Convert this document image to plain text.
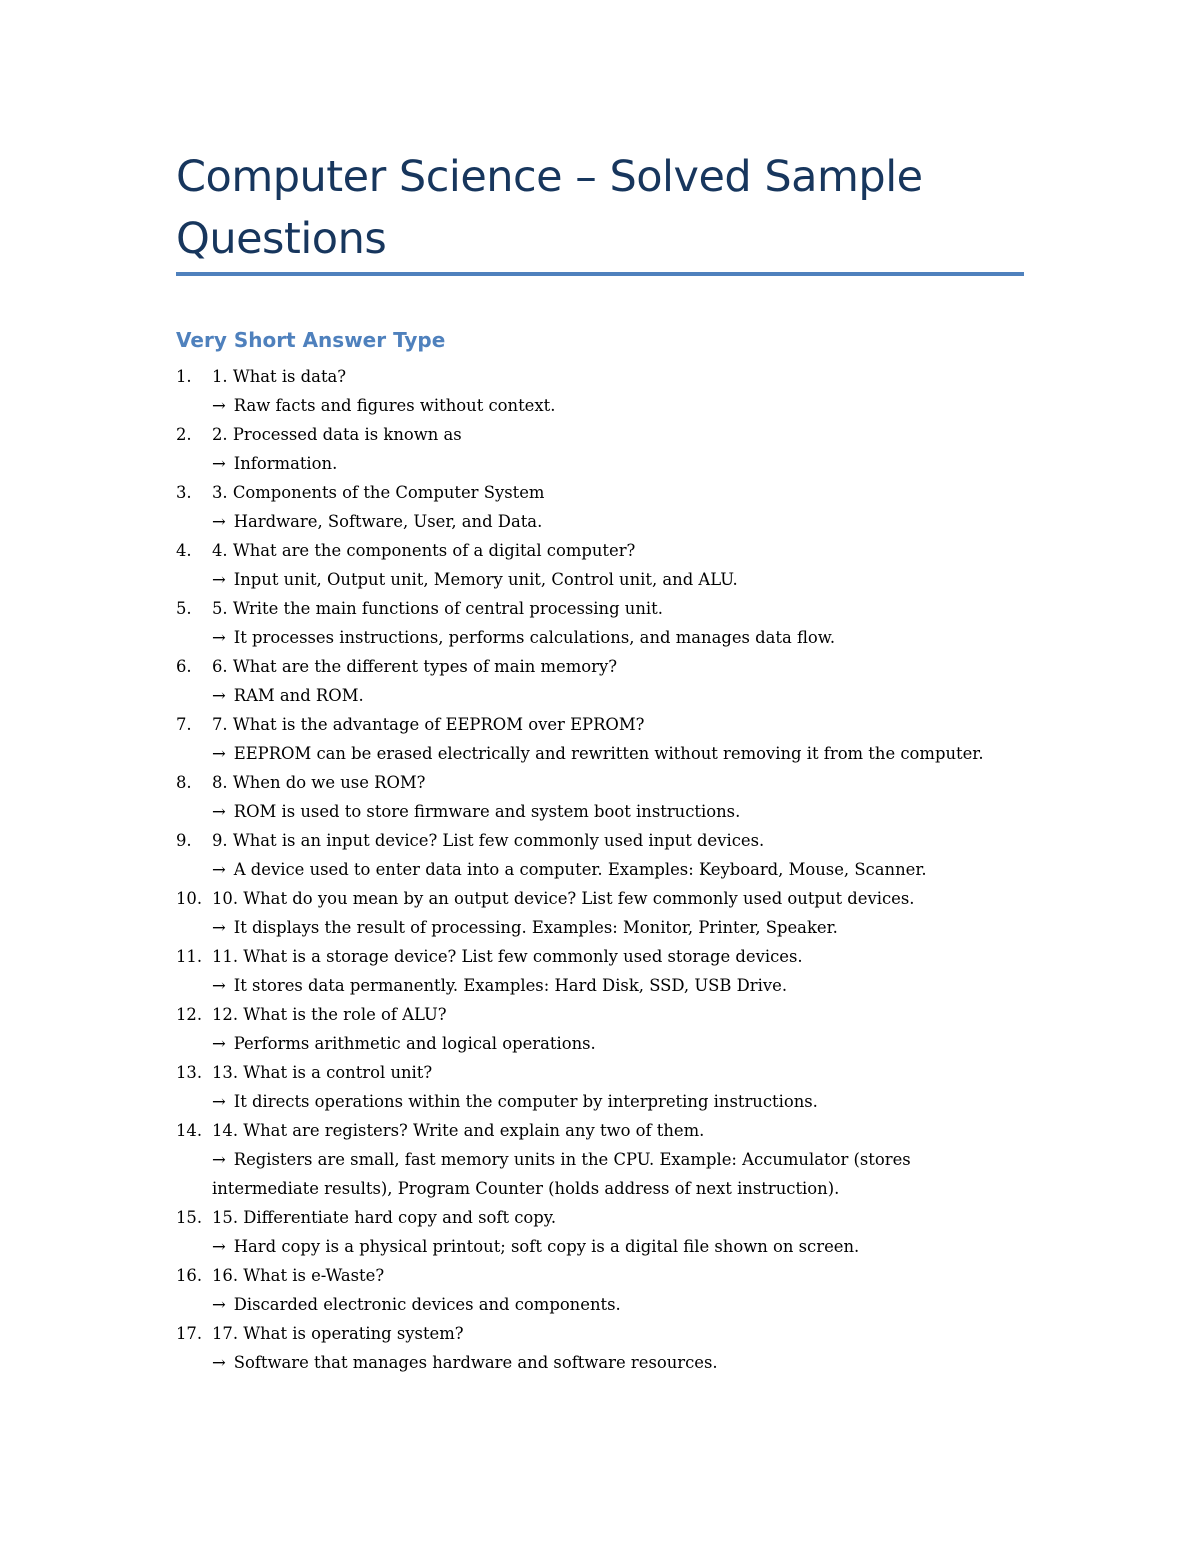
Computer Science – Solved Sample Questions
Very Short Answer Type
1. 1. What is data?
→ Raw facts and figures without context.
2. 2. Processed data is known as
→ Information.
3. 3. Components of the Computer System
→ Hardware, Software, User, and Data.
4. 4. What are the components of a digital computer?
→ Input unit, Output unit, Memory unit, Control unit, and ALU.
5. 5. Write the main functions of central processing unit.
→ It processes instructions, performs calculations, and manages data flow.
6. 6. What are the different types of main memory?
→ RAM and ROM.
7. 7. What is the advantage of EEPROM over EPROM?
→ EEPROM can be erased electrically and rewritten without removing it from the computer.
8. 8. When do we use ROM?
→ ROM is used to store firmware and system boot instructions.
9. 9. What is an input device? List few commonly used input devices.
→ A device used to enter data into a computer. Examples: Keyboard, Mouse, Scanner.
10. 10. What do you mean by an output device? List few commonly used output devices.
→ It displays the result of processing. Examples: Monitor, Printer, Speaker.
11. 11. What is a storage device? List few commonly used storage devices.
→ It stores data permanently. Examples: Hard Disk, SSD, USB Drive.
12. 12. What is the role of ALU?
→ Performs arithmetic and logical operations.
13. 13. What is a control unit?
→ It directs operations within the computer by interpreting instructions.
14. 14. What are registers? Write and explain any two of them.
→ Registers are small, fast memory units in the CPU. Example: Accumulator (stores intermediate results), Program Counter (holds address of next instruction).
15. 15. Differentiate hard copy and soft copy.
→ Hard copy is a physical printout; soft copy is a digital file shown on screen.
16. 16. What is e-Waste?
→ Discarded electronic devices and components.
17. 17. What is operating system?
→ Software that manages hardware and software resources.
